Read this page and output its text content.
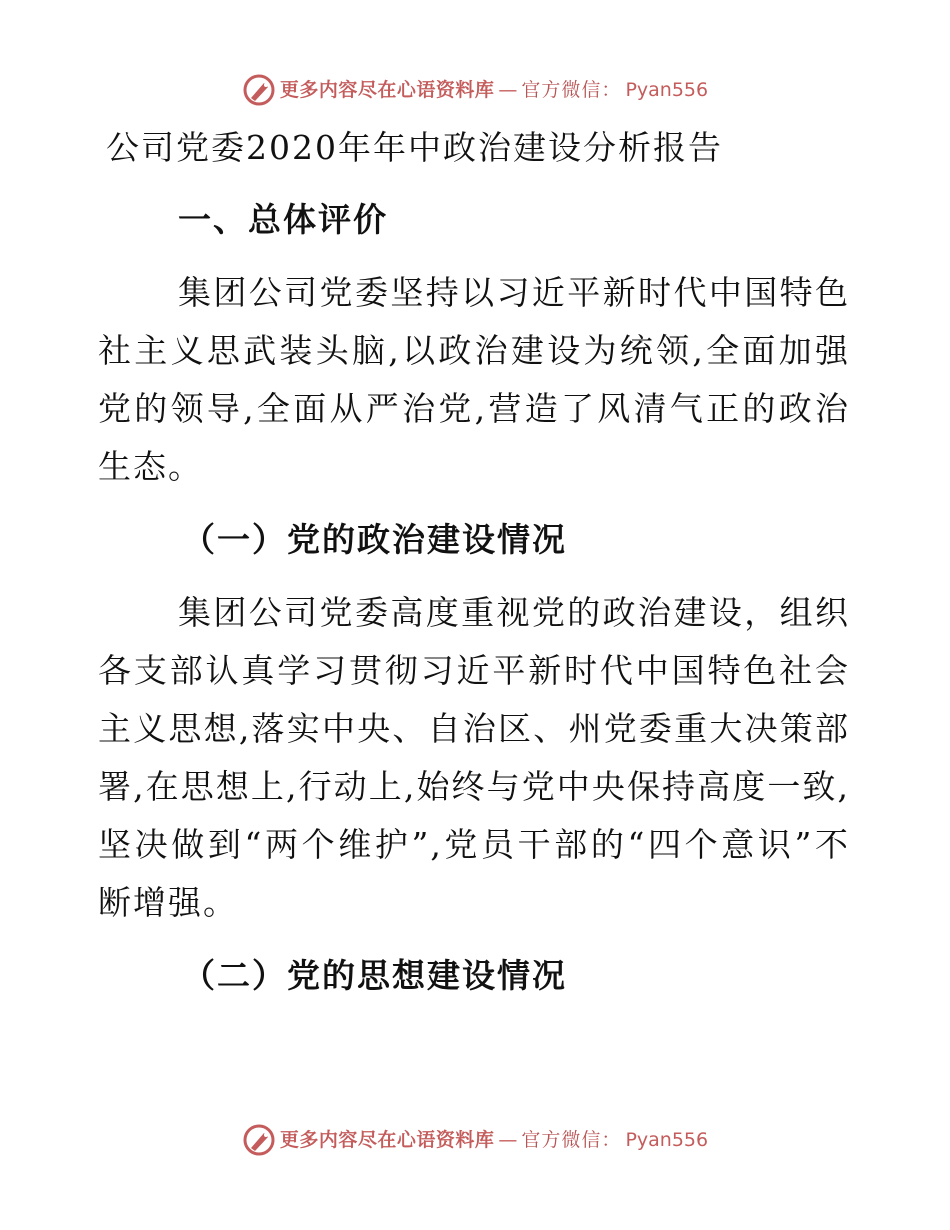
更多内容尽在心语资料库 — 官方微信： Pyan556
公司党委2020年年中政治建设分析报告
一、总体评价

集团公司党委坚持以习近平新时代中国特色社主义思武装头脑,以政治建设为统领,全面加强党的领导,全面从严治党,营造了风清气正的政治生态。

（一）党的政治建设情况

集团公司党委高度重视党的政治建设，组织各支部认真学习贯彻习近平新时代中国特色社会主义思想,落实中央、自治区、州党委重大决策部署,在思想上,行动上,始终与党中央保持高度一致,坚决做到“两个维护”,党员干部的“四个意识”不断增强。

（二）党的思想建设情况
更多内容尽在心语资料库 — 官方微信： Pyan556
